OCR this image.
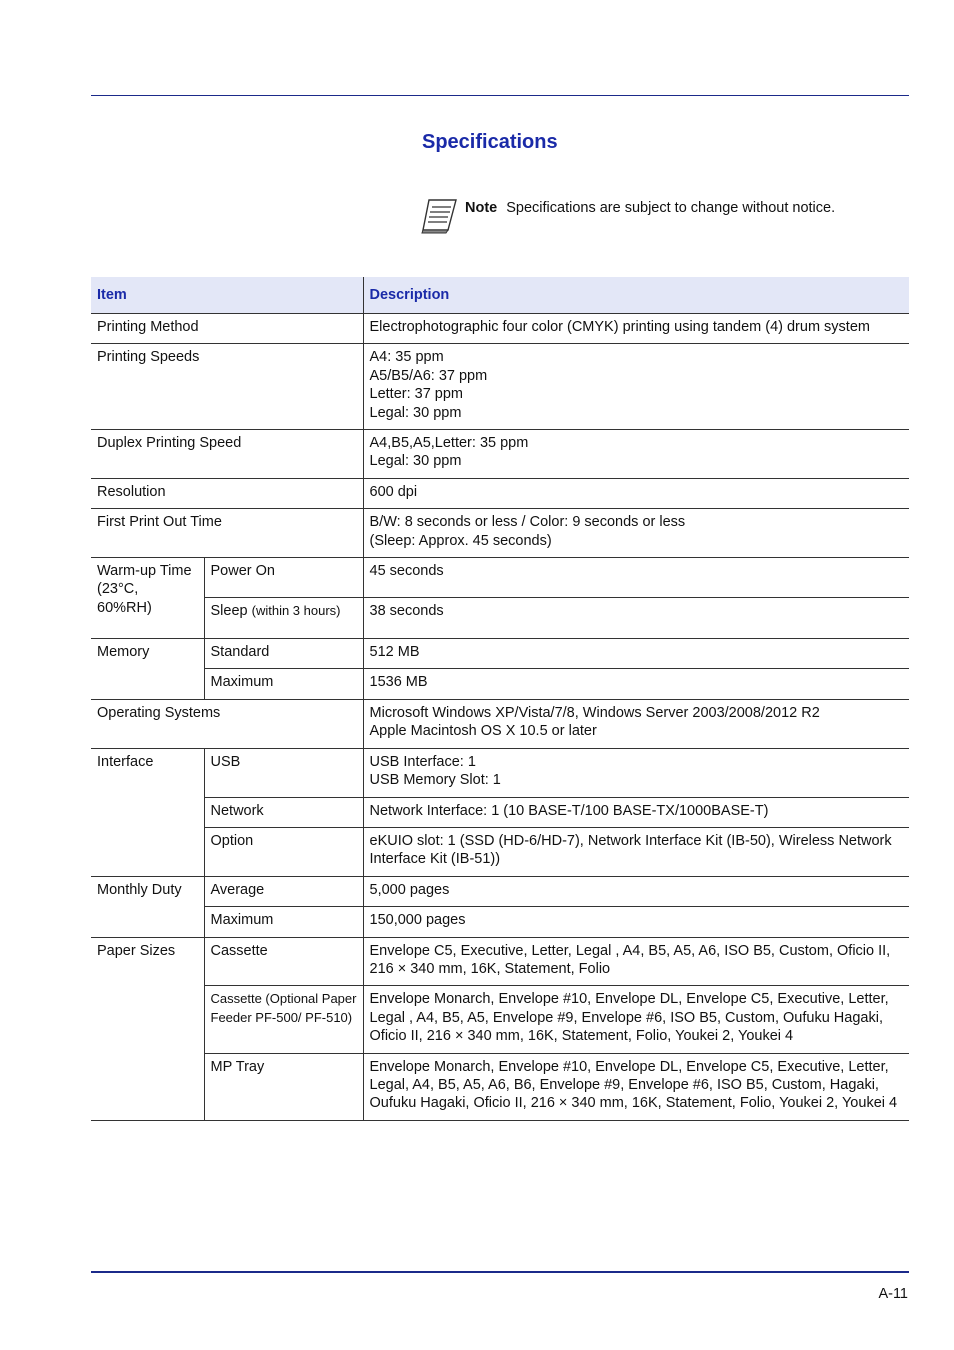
Specifications
Note Specifications are subject to change without notice.
Item		Description
Printing Method		Electrophotographic four color (CMYK) printing using tandem (4) drum system

Printing Speeds		A4: 35 ppm
A5/B5/A6: 37 ppm
Letter: 37 ppm
Legal: 30 ppm

Duplex Printing Speed		A4,B5,A5,Letter: 35 ppm
Legal: 30 ppm

Resolution		600 dpi

First Print Out Time		B/W: 8 seconds or less / Color: 9 seconds or less
(Sleep: Approx. 45 seconds)

Warm-up Time
(23°C,
60%RH)	Power On	45 seconds
	Sleep (within 3 hours)	38 seconds
Memory	Standard	512 MB
	Maximum	1536 MB
Operating Systems		Microsoft Windows XP/Vista/7/8, Windows Server 2003/2008/2012 R2
Apple Macintosh OS X 10.5 or later

Interface	USB	USB Interface: 1
USB Memory Slot: 1

	Network	Network Interface: 1 (10 BASE-T/100 BASE-TX/1000BASE-T)
	Option	eKUIO slot: 1 (SSD (HD-6/HD-7), Network Interface Kit (IB-50), Wireless Network Interface Kit (IB-51))
Monthly Duty	Average	5,000 pages
	Maximum	150,000 pages
Paper Sizes	Cassette	Envelope C5, Executive, Letter, Legal , A4, B5, A5, A6, ISO B5, Custom, Oficio II, 216 × 340 mm, 16K, Statement, Folio
	Cassette (Optional Paper Feeder PF-500/ PF-510)	Envelope Monarch, Envelope #10, Envelope DL, Envelope C5, Executive, Letter, Legal , A4, B5, A5, Envelope #9, Envelope #6, ISO B5, Custom, Oufuku Hagaki, Oficio II, 216 × 340 mm, 16K, Statement, Folio, Youkei 2, Youkei 4
	MP Tray	Envelope Monarch, Envelope #10, Envelope DL, Envelope C5, Executive, Letter, Legal, A4, B5, A5, A6, B6, Envelope #9, Envelope #6, ISO B5, Custom, Hagaki, Oufuku Hagaki, Oficio II, 216 × 340 mm, 16K, Statement, Folio, Youkei 2, Youkei 4
A-11
